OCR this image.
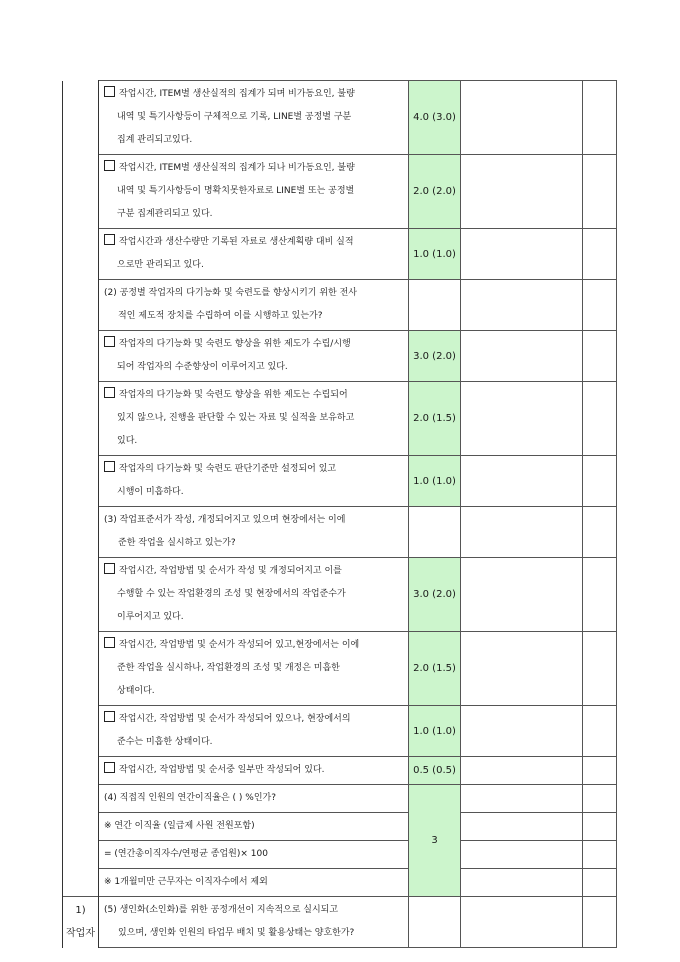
	작업시간, ITEM별 생산실적의 집계가 되며 비가동요인, 불량
내역 및 특기사항등이 구체적으로 기록, LINE별 공정별 구분
집계 관리되고있다.	4.0 (3.0)		

	작업시간, ITEM별 생산실적의 집계가 되나 비가동요인, 불량
내역 및 특기사항등이 명확치못한자료로 LINE별 또는 공정별
구분 집계관리되고 있다.	2.0 (2.0)		

	작업시간과 생산수량만 기록된 자료로 생산계획량 대비 실적
으로만 관리되고 있다.	1.0 (1.0)		

	(2) 공정별 작업자의 다기능화 및 숙련도를 향상시키기 위한 전사
적인 제도적 장치를 수립하여 이를 시행하고 있는가?			

	작업자의 다기능화 및 숙련도 향상을 위한 제도가 수립/시행
되어 작업자의 수준향상이 이루어지고 있다.	3.0 (2.0)		

	작업자의 다기능화 및 숙련도 향상을 위한 제도는 수립되어
있지 않으나, 진행을 판단할 수 있는 자료 및 실적을 보유하고
있다.	2.0 (1.5)		

	작업자의 다기능화 및 숙련도 판단기준만 설정되어 있고
시행이 미흡하다.	1.0 (1.0)		

	(3) 작업표준서가 작성, 개정되어지고 있으며 현장에서는 이에
준한 작업을 실시하고 있는가?			

	작업시간, 작업방법 및 순서가 작성 및 개정되어지고 이를
수행할 수 있는 작업환경의 조성 및 현장에서의 작업준수가
이루어지고 있다.	3.0 (2.0)		

	작업시간, 작업방법 및 순서가 작성되어 있고,현장에서는 이에
준한 작업을 실시하나, 작업환경의 조성 및 개정은 미흡한
상태이다.	2.0 (1.5)		

	작업시간, 작업방법 및 순서가 작성되어 있으나, 현장에서의
준수는 미흡한 상태이다.	1.0 (1.0)		

	작업시간, 작업방법 및 순서중 일부만 작성되어 있다.	0.5 (0.5)		

	(4) 직접직 인원의 연간이직율은 ( ) %인가?	3		

	※ 연간 이직율 (일급제 사원 전원포함)			

	= (연간총이직자수/연평균 종업원)× 100			

	※ 1개월미만 근무자는 이직자수에서 제외			

1)
작업자	(5) 생인화(소인화)를 위한 공정개선이 지속적으로 실시되고
있으며, 생인화 인원의 타업무 배치 및 활용상태는 양호한가?			
